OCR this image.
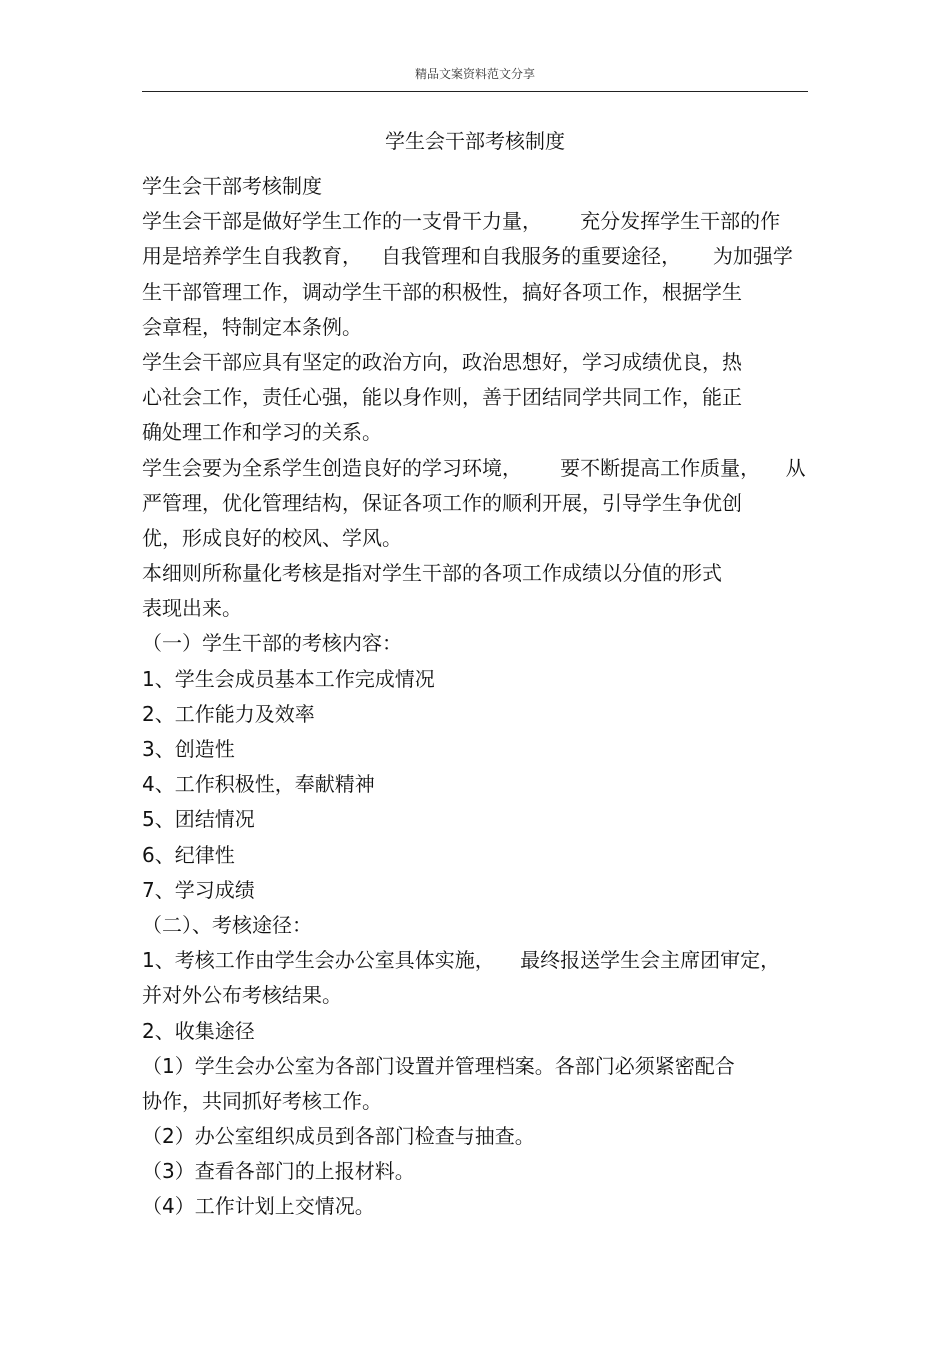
精品文案资料范文分享
学生会干部考核制度
学生会干部考核制度
学生会干部是做好学生工作的一支骨干力量，      充分发挥学生干部的作
用是培养学生自我教育，   自我管理和自我服务的重要途径，     为加强学
生干部管理工作，调动学生干部的积极性，搞好各项工作，根据学生
会章程，特制定本条例。
学生会干部应具有坚定的政治方向，政治思想好，学习成绩优良，热
心社会工作，责任心强，能以身作则，善于团结同学共同工作，能正
确处理工作和学习的关系。
学生会要为全系学生创造良好的学习环境，      要不断提高工作质量，    从
严管理，优化管理结构，保证各项工作的顺利开展，引导学生争优创
优，形成良好的校风、学风。
本细则所称量化考核是指对学生干部的各项工作成绩以分值的形式
表现出来。
（一）学生干部的考核内容：
1、学生会成员基本工作完成情况
2、工作能力及效率
3、创造性
4、工作积极性，奉献精神
5、团结情况
6、纪律性
7、学习成绩
（二）、考核途径：
1、考核工作由学生会办公室具体实施，    最终报送学生会主席团审定，
并对外公布考核结果。
2、收集途径
（1）学生会办公室为各部门设置并管理档案。各部门必须紧密配合
协作，共同抓好考核工作。
（2）办公室组织成员到各部门检查与抽查。
（3）查看各部门的上报材料。
（4）工作计划上交情况。
